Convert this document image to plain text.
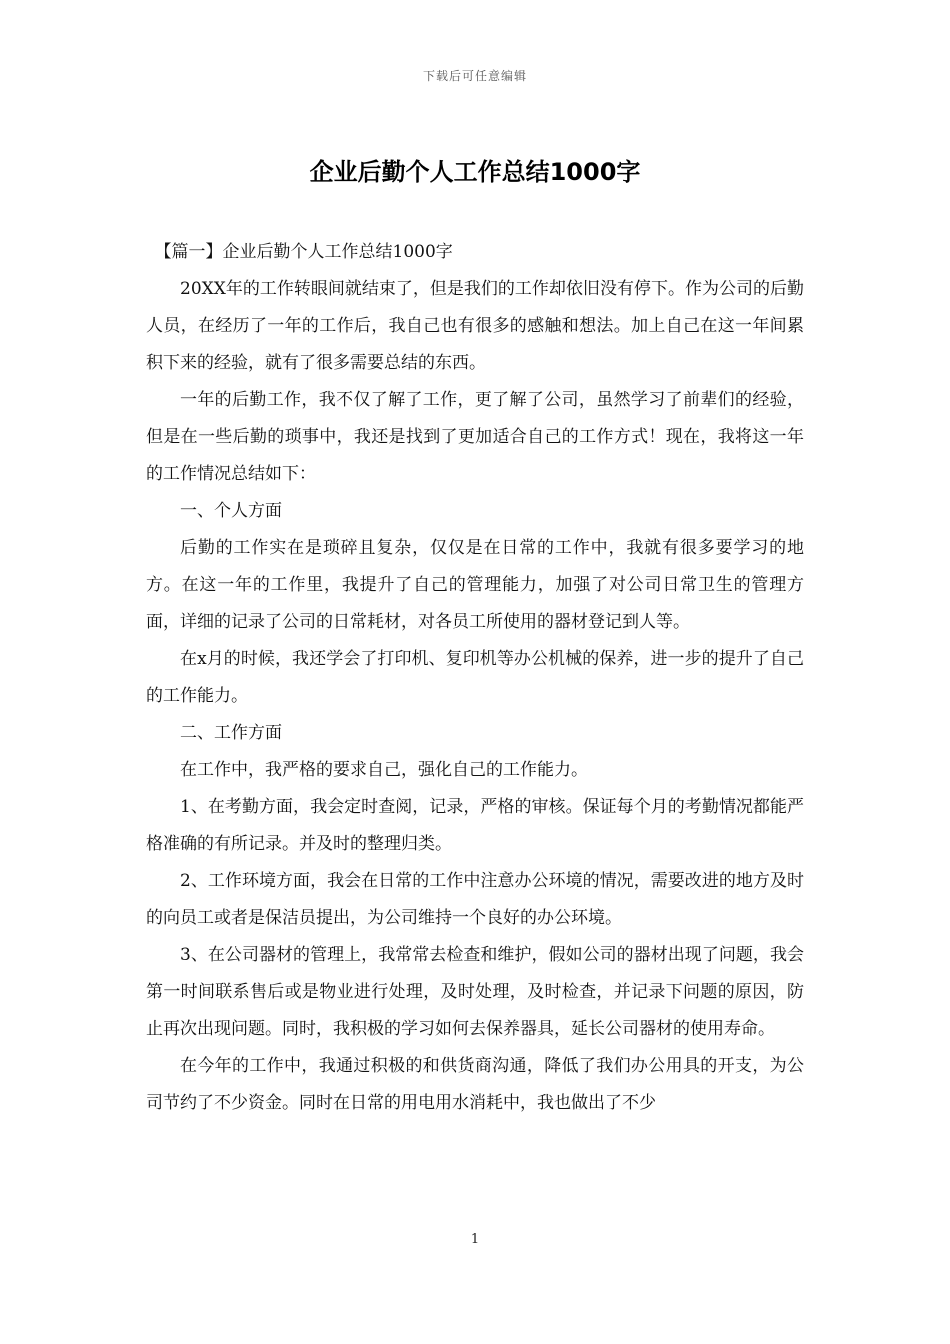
下载后可任意编辑
企业后勤个人工作总结1000字

【篇一】企业后勤个人工作总结1000字

20XX年的工作转眼间就结束了，但是我们的工作却依旧没有停下。作为公司的后勤人员，在经历了一年的工作后，我自己也有很多的感触和想法。加上自己在这一年间累积下来的经验，就有了很多需要总结的东西。

一年的后勤工作，我不仅了解了工作，更了解了公司，虽然学习了前辈们的经验，但是在一些后勤的琐事中，我还是找到了更加适合自己的工作方式！现在，我将这一年的工作情况总结如下：

一、个人方面

后勤的工作实在是琐碎且复杂，仅仅是在日常的工作中，我就有很多要学习的地方。在这一年的工作里，我提升了自己的管理能力，加强了对公司日常卫生的管理方面，详细的记录了公司的日常耗材，对各员工所使用的器材登记到人等。

在x月的时候，我还学会了打印机、复印机等办公机械的保养，进一步的提升了自己的工作能力。

二、工作方面

在工作中，我严格的要求自己，强化自己的工作能力。

1、在考勤方面，我会定时查阅，记录，严格的审核。保证每个月的考勤情况都能严格准确的有所记录。并及时的整理归类。

2、工作环境方面，我会在日常的工作中注意办公环境的情况，需要改进的地方及时的向员工或者是保洁员提出，为公司维持一个良好的办公环境。

3、在公司器材的管理上，我常常去检查和维护，假如公司的器材出现了问题，我会第一时间联系售后或是物业进行处理，及时处理，及时检查，并记录下问题的原因，防止再次出现问题。同时，我积极的学习如何去保养器具，延长公司器材的使用寿命。

在今年的工作中，我通过积极的和供货商沟通，降低了我们办公用具的开支，为公司节约了不少资金。同时在日常的用电用水消耗中，我也做出了不少

1
